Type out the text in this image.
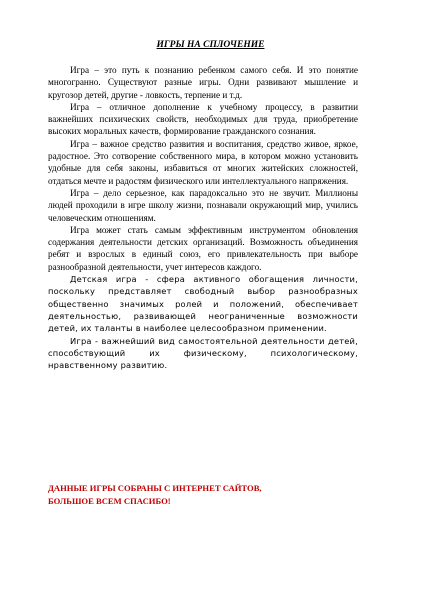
ИГРЫ НА СПЛОЧЕНИЕ

Игра – это путь к познанию ребенком самого себя. И это понятие многогранно. Существуют разные игры. Одни развивают мышление и кругозор детей, другие - ловкость, терпение и т.д.

Игра – отличное дополнение к учебному процессу, в развитии важнейших психических свойств, необходимых для труда, приобретение высоких моральных качеств, формирование гражданского сознания.

Игра – важное средство развития и воспитания, средство живое, яркое, радостное. Это сотворение собственного мира, в котором можно установить удобные для себя законы, избавиться от многих житейских сложностей, отдаться мечте и радостям физического или интеллектуального напряжения.

Игра – дело серьезное, как парадоксально это не звучит. Миллионы людей проходили в игре школу жизни, познавали окружающий мир, учились человеческим отношениям.

Игра может стать самым эффективным инструментом обновления содержания деятельности детских организаций. Возможность объединения ребят и взрослых в единый союз, его привлекательность при выборе разнообразной деятельности, учет интересов каждого.

Детская игра - сфера активного обогащения личности, поскольку представляет свободный выбор разнообразных общественно значимых ролей и положений, обеспечивает деятельностью, развивающей неограниченные возможности детей, их таланты в наиболее целесообразном применении.

Игра - важнейший вид самостоятельной деятельности детей, способствующий их физическому, психологическому, нравственному развитию.

ДАННЫЕ ИГРЫ СОБРАНЫ С ИНТЕРНЕТ САЙТОВ,
БОЛЬШОЕ ВСЕМ СПАСИБО!
